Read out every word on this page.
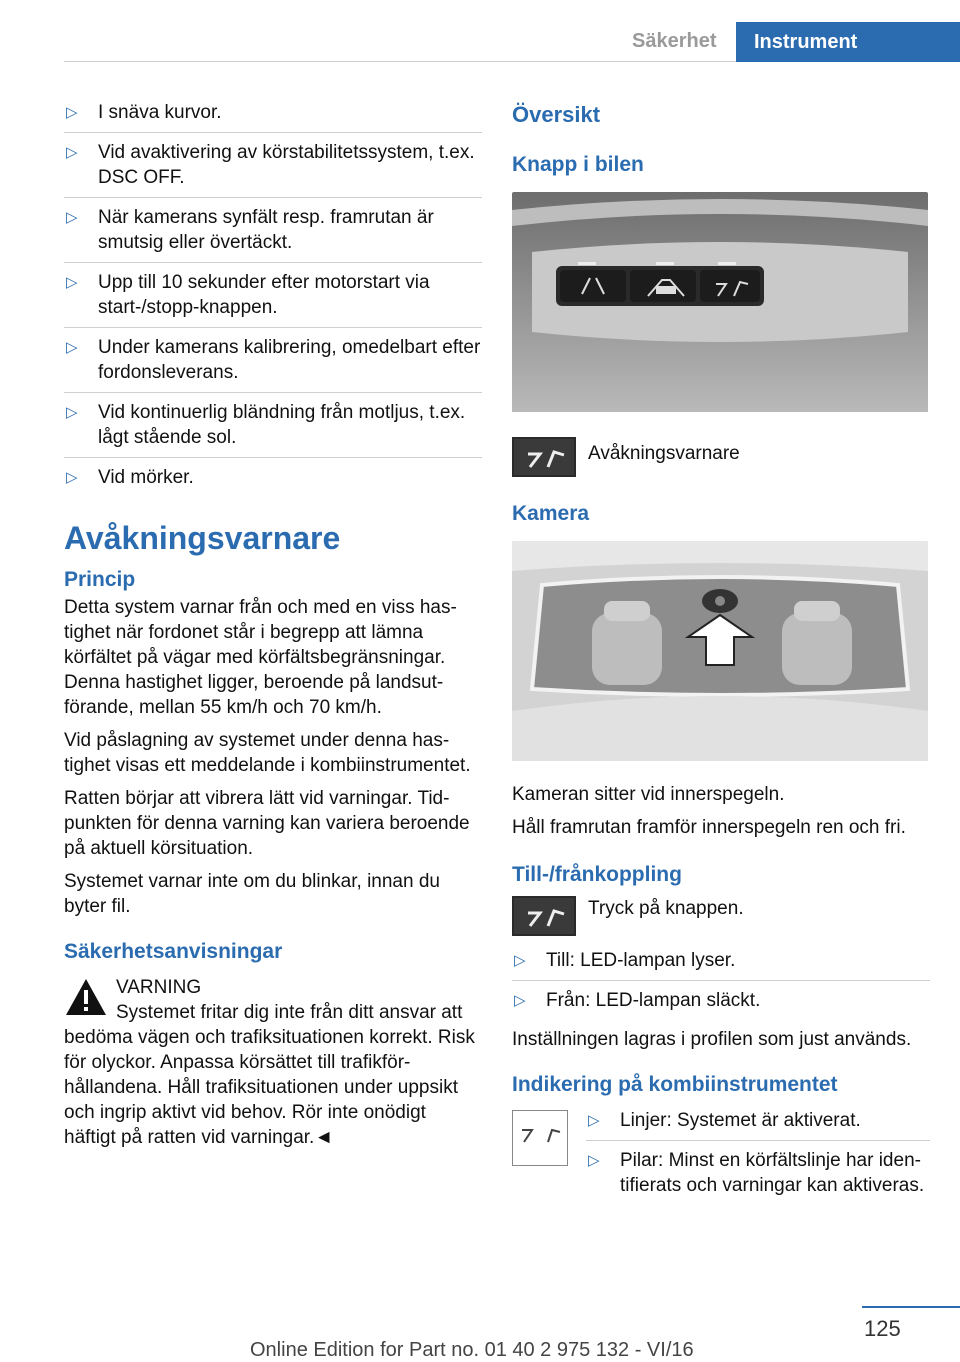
Säkerhet	Instrument
▷ I snäva kurvor.
▷ Vid avaktivering av körstabilitetssystem, t.ex. DSC OFF.
▷ När kamerans synfält resp. framrutan är smutsig eller övertäckt.
▷ Upp till 10 sekunder efter motorstart via start-/stopp-knappen.
▷ Under kamerans kalibrering, omedelbart efter fordonsleverans.
▷ Vid kontinuerlig bländning från motljus, t.ex. lågt stående sol.
▷ Vid mörker.
Avåkningsvarnare
Princip

Detta system varnar från och med en viss hastighet när fordonet står i begrepp att lämna körfältet på vägar med körfältsbegränsningar. Denna hastighet ligger, beroende på landsutförande, mellan 55 km/h och 70 km/h.

Vid påslagning av systemet under denna hastighet visas ett meddelande i kombiinstrumentet.

Ratten börjar att vibrera lätt vid varningar. Tidpunkten för denna varning kan variera beroende på aktuell körsituation.

Systemet varnar inte om du blinkar, innan du byter fil.

Säkerhetsanvisningar
VARNING
Systemet fritar dig inte från ditt ansvar att bedöma vägen och trafiksituationen korrekt. Risk för olyckor. Anpassa körsättet till trafikförhållandena. Håll trafiksituationen under uppsikt och ingrip aktivt vid behov. Rör inte onödigt häftigt på ratten vid varningar.◄
Översikt
Knapp i bilen
Avåkningsvarnare
Kamera

Kameran sitter vid innerspegeln.

Håll framrutan framför innerspegeln ren och fri.

Till-/frånkoppling
Tryck på knappen.
▷ Till: LED-lampan lyser.
▷ Från: LED-lampan släckt.

Inställningen lagras i profilen som just används.

Indikering på kombiinstrumentet
▷ Linjer: Systemet är aktiverat.
▷ Pilar: Minst en körfältslinje har identifierats och varningar kan aktiveras.
125
Online Edition for Part no. 01 40 2 975 132 - VI/16
